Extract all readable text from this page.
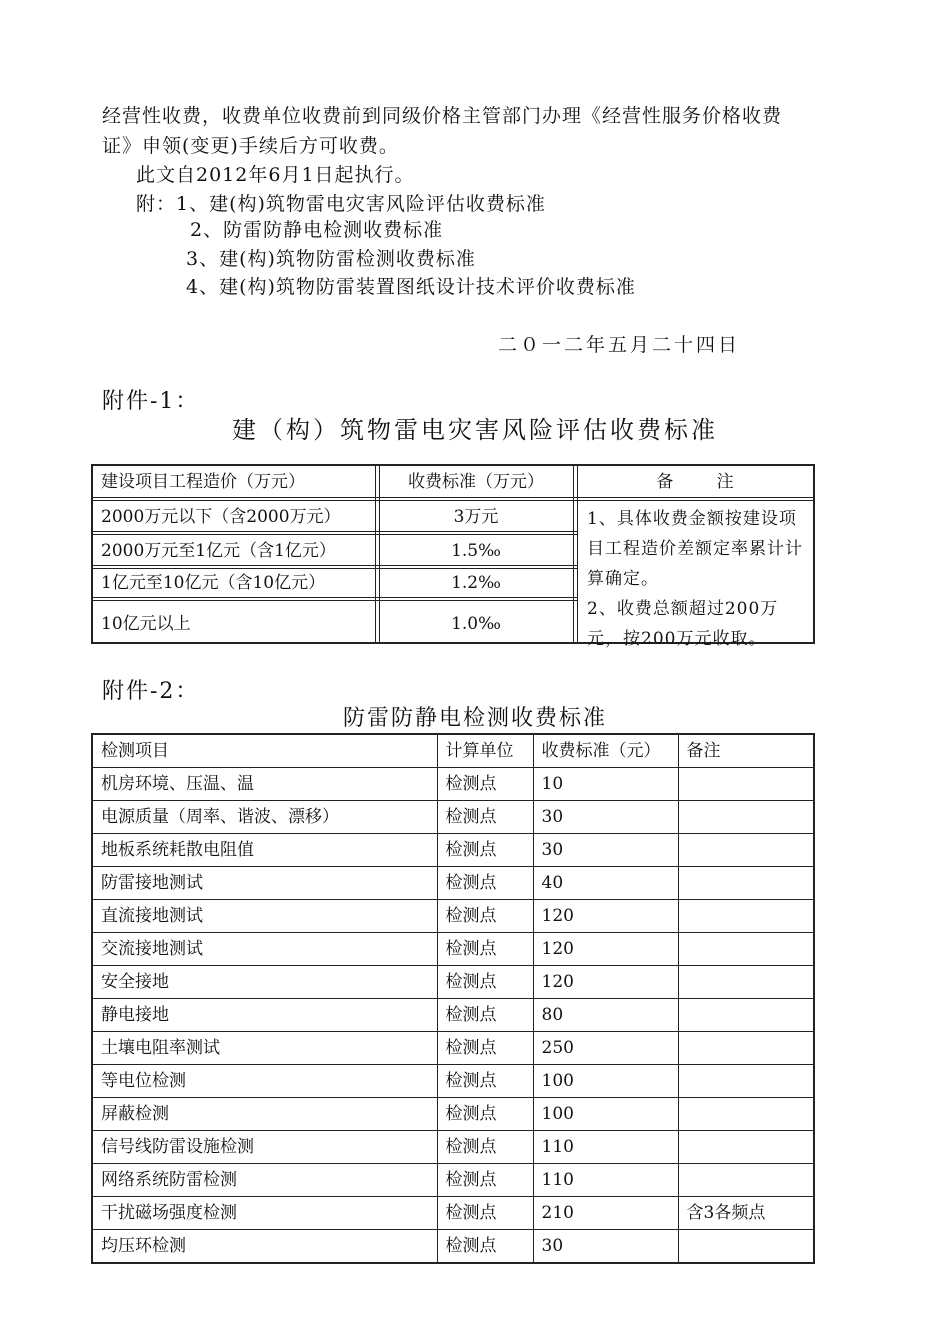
经营性收费，收费单位收费前到同级价格主管部门办理《经营性服务价格收费
证》申领(变更)手续后方可收费。
此文自2012年6月1日起执行。
附：1、建(构)筑物雷电灾害风险评估收费标准
2、防雷防静电检测收费标准
3、建(构)筑物防雷检测收费标准
4、建(构)筑物防雷装置图纸设计技术评价收费标准
二０一二年五月二十四日
附件-1：
建（构）筑物雷电灾害风险评估收费标准
建设项目工程造价（万元）	收费标准（万元）	备        注
2000万元以下（含2000万元）	3万元
2000万元至1亿元（含1亿元）	1.5‰
1亿元至10亿元（含10亿元）	1.2‰
10亿元以上	1.0‰

1、具体收费金额按建设项目工程造价差额定率累计计算确定。

2、收费总额超过200万元，按200万元收取。

附件-2：
防雷防静电检测收费标准
检测项目	计算单位	收费标准（元）	备注
机房环境、压温、温	检测点	10	
电源质量（周率、谐波、漂移）	检测点	30	
地板系统耗散电阻值	检测点	30	
防雷接地测试	检测点	40	
直流接地测试	检测点	120	
交流接地测试	检测点	120	
安全接地	检测点	120	
静电接地	检测点	80	
土壤电阻率测试	检测点	250	
等电位检测	检测点	100	
屏蔽检测	检测点	100	
信号线防雷设施检测	检测点	110	
网络系统防雷检测	检测点	110	
干扰磁场强度检测	检测点	210	含3各频点
均压环检测	检测点	30	
